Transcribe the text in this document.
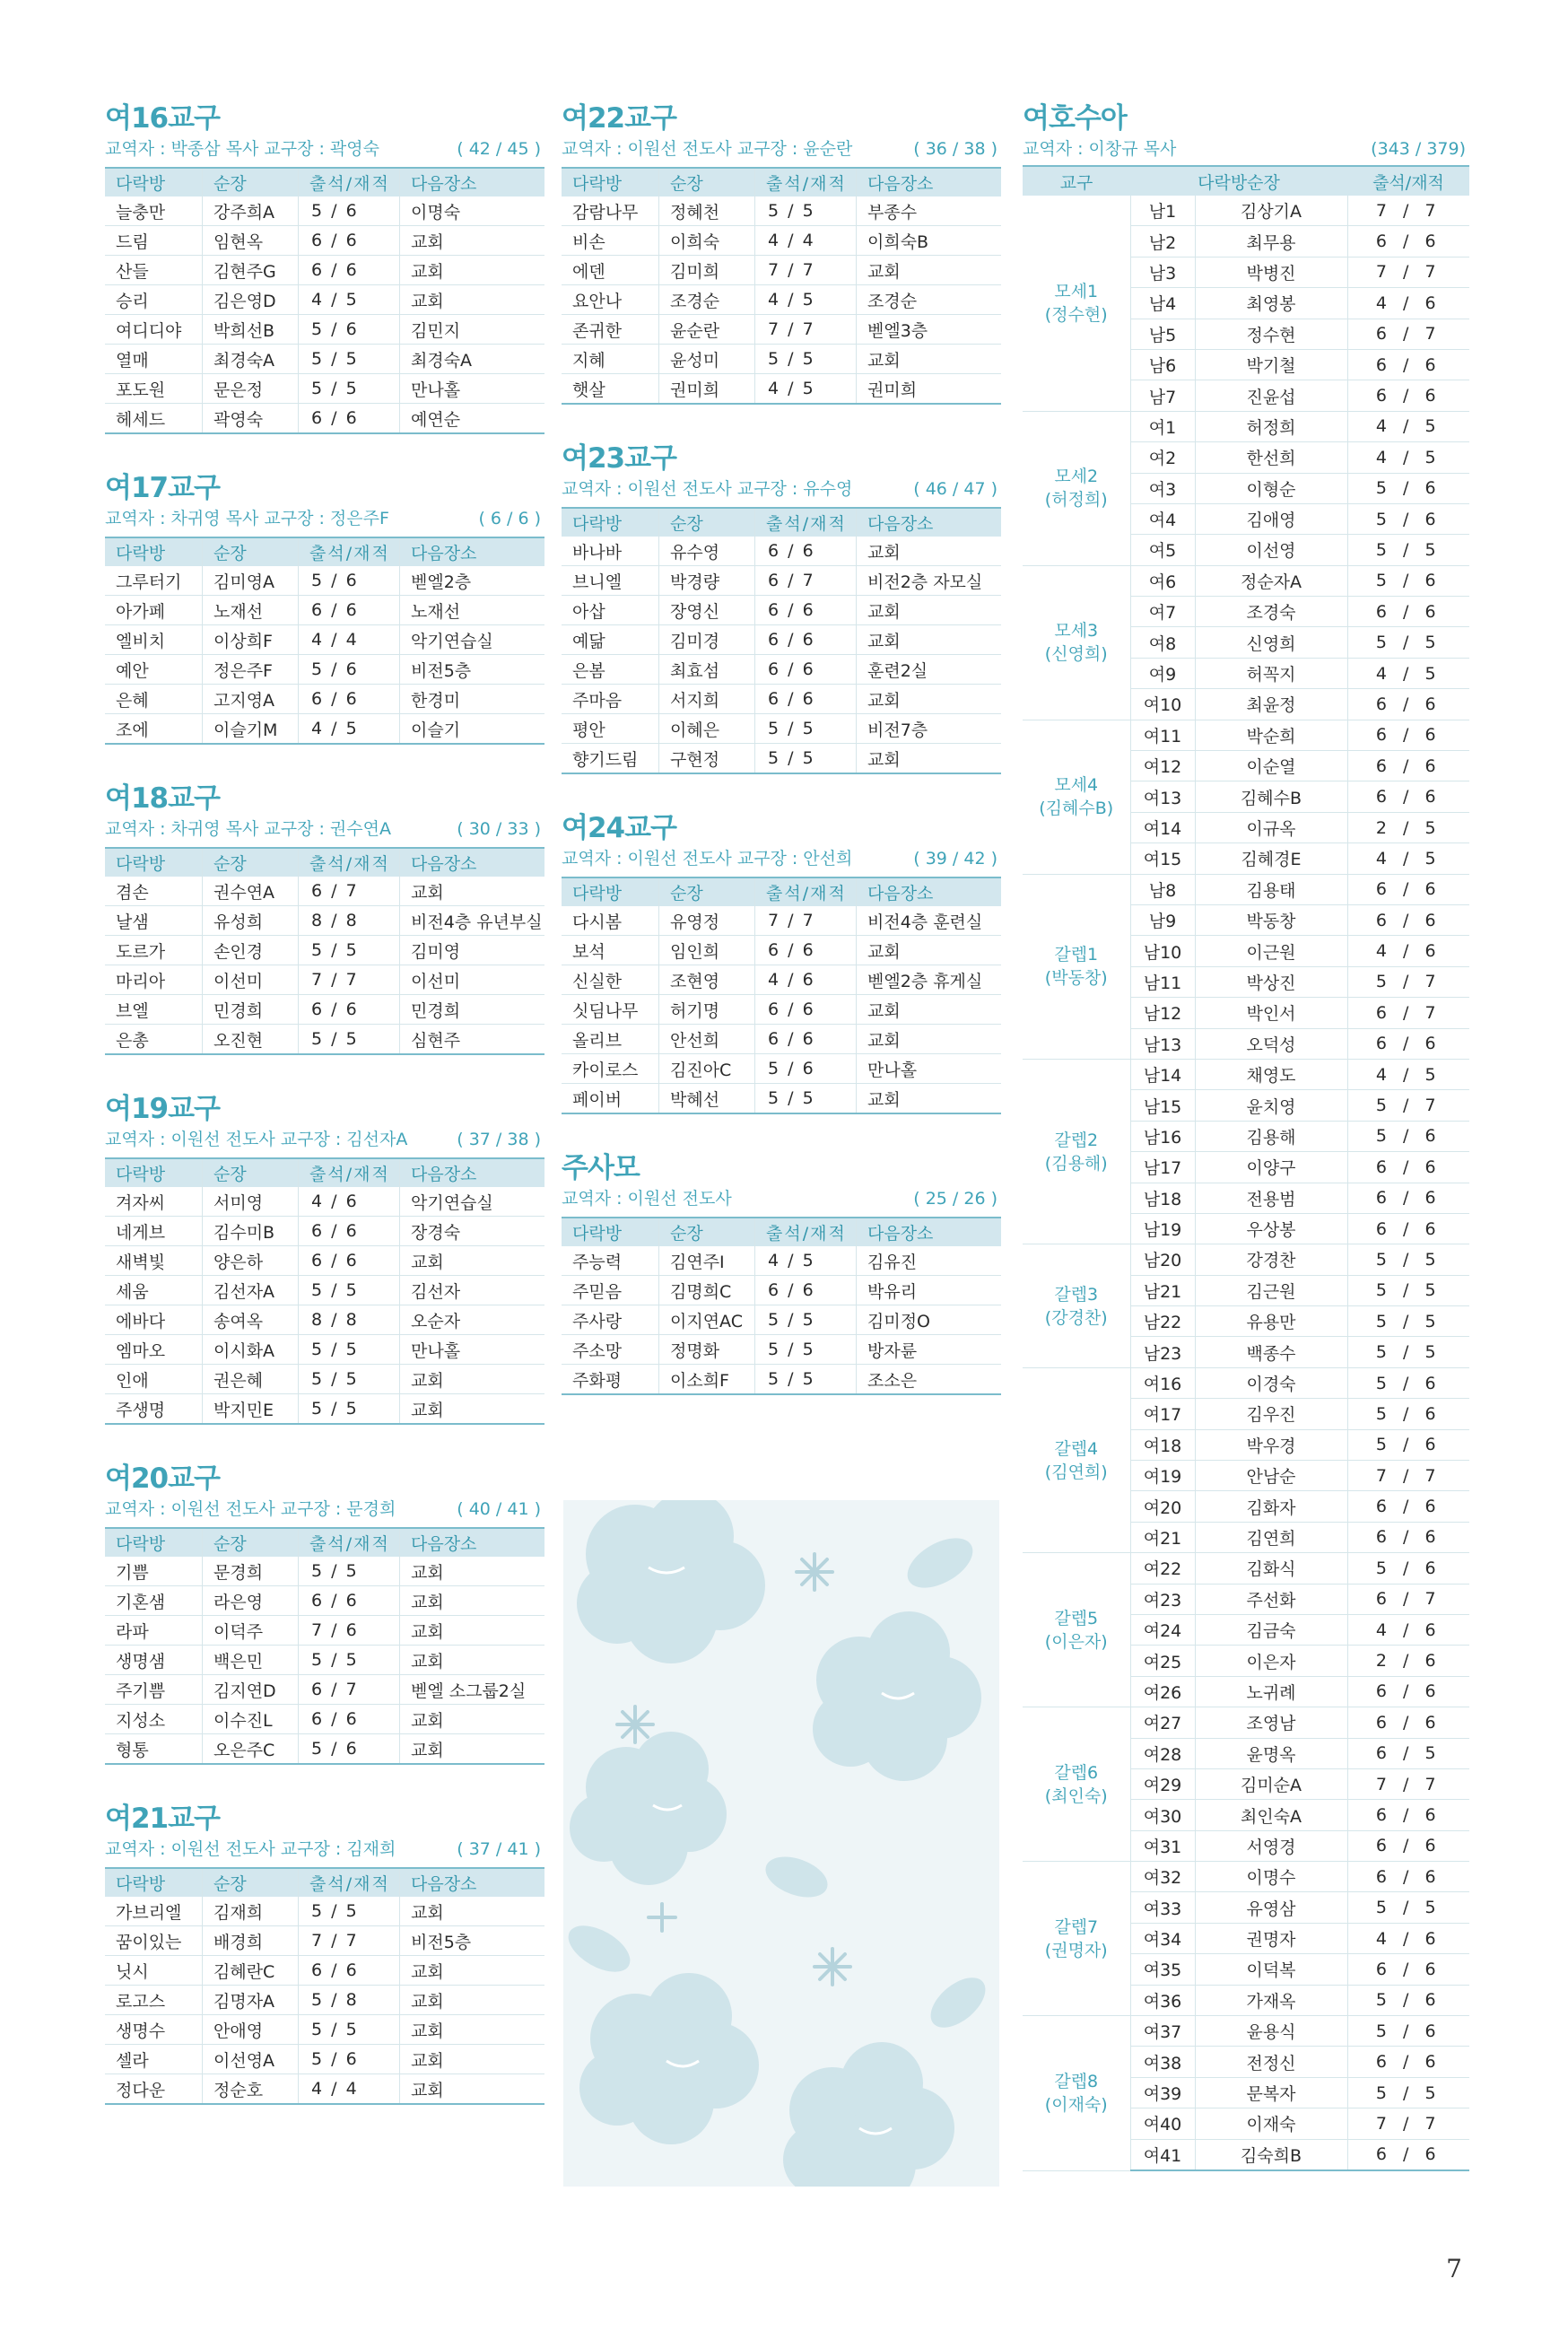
여16교구
교역자 : 박종삼 목사 교구장 : 곽영숙	( 42 / 45 )
다락방	순장	출석/재적	다음장소
늘충만	강주희A	5 / 6	이명숙
드림	임현옥	6 / 6	교회
산들	김현주G	6 / 6	교회
승리	김은영D	4 / 5	교회
여디디야	박희선B	5 / 6	김민지
열매	최경숙A	5 / 5	최경숙A
포도원	문은정	5 / 5	만나홀
헤세드	곽영숙	6 / 6	예연순
여17교구
교역자 : 차귀영 목사 교구장 : 정은주F	( 6 / 6 )
다락방	순장	출석/재적	다음장소
그루터기	김미영A	5 / 6	벧엘2층
아가페	노재선	6 / 6	노재선
엘비치	이상희F	4 / 4	악기연습실
예안	정은주F	5 / 6	비전5층
은혜	고지영A	6 / 6	한경미
조에	이슬기M	4 / 5	이슬기
여18교구
교역자 : 차귀영 목사 교구장 : 권수연A	( 30 / 33 )
다락방	순장	출석/재적	다음장소
겸손	권수연A	6 / 7	교회
날샘	유성희	8 / 8	비전4층 유년부실
도르가	손인경	5 / 5	김미영
마리아	이선미	7 / 7	이선미
브엘	민경희	6 / 6	민경희
은총	오진현	5 / 5	심현주
여19교구
교역자 : 이원선 전도사 교구장 : 김선자A	( 37 / 38 )
다락방	순장	출석/재적	다음장소
겨자씨	서미영	4 / 6	악기연습실
네게브	김수미B	6 / 6	장경숙
새벽빛	양은하	6 / 6	교회
세움	김선자A	5 / 5	김선자
에바다	송여옥	8 / 8	오순자
엠마오	이시화A	5 / 5	만나홀
인애	권은혜	5 / 5	교회
주생명	박지민E	5 / 5	교회
여20교구
교역자 : 이원선 전도사 교구장 : 문경희	( 40 / 41 )
다락방	순장	출석/재적	다음장소
기쁨	문경희	5 / 5	교회
기혼샘	라은영	6 / 6	교회
라파	이덕주	7 / 6	교회
생명샘	백은민	5 / 5	교회
주기쁨	김지연D	6 / 7	벧엘 소그룹2실
지성소	이수진L	6 / 6	교회
형통	오은주C	5 / 6	교회
여21교구
교역자 : 이원선 전도사 교구장 : 김재희	( 37 / 41 )
다락방	순장	출석/재적	다음장소
가브리엘	김재희	5 / 5	교회
꿈이있는	배경희	7 / 7	비전5층
닛시	김혜란C	6 / 6	교회
로고스	김명자A	5 / 8	교회
생명수	안애영	5 / 5	교회
셀라	이선영A	5 / 6	교회
정다운	정순호	4 / 4	교회
여22교구
교역자 : 이원선 전도사 교구장 : 윤순란	( 36 / 38 )
다락방	순장	출석/재적	다음장소
감람나무	정혜천	5 / 5	부종수
비손	이희숙	4 / 4	이희숙B
에덴	김미희	7 / 7	교회
요안나	조경순	4 / 5	조경순
존귀한	윤순란	7 / 7	벧엘3층
지혜	윤성미	5 / 5	교회
햇살	권미희	4 / 5	권미희
여23교구
교역자 : 이원선 전도사 교구장 : 유수영	( 46 / 47 )
다락방	순장	출석/재적	다음장소
바나바	유수영	6 / 6	교회
브니엘	박경량	6 / 7	비전2층 자모실
아삽	장영신	6 / 6	교회
예닮	김미경	6 / 6	교회
은봄	최효섬	6 / 6	훈련2실
주마음	서지희	6 / 6	교회
평안	이혜은	5 / 5	비전7층
향기드림	구현정	5 / 5	교회
여24교구
교역자 : 이원선 전도사 교구장 : 안선희	( 39 / 42 )
다락방	순장	출석/재적	다음장소
다시봄	유영정	7 / 7	비전4층 훈련실
보석	임인희	6 / 6	교회
신실한	조현영	4 / 6	벧엘2층 휴게실
싯딤나무	허기명	6 / 6	교회
올리브	안선희	6 / 6	교회
카이로스	김진아C	5 / 6	만나홀
페이버	박혜선	5 / 5	교회
주사모
교역자 : 이원선 전도사	( 25 / 26 )
다락방	순장	출석/재적	다음장소
주능력	김연주I	4 / 5	김유진
주믿음	김명희C	6 / 6	박유리
주사랑	이지연AC	5 / 5	김미정O
주소망	정명화	5 / 5	방자륜
주화평	이소희F	5 / 5	조소은
여호수아
교역자 : 이창규 목사	(343 / 379)
교구	다락방순장		출석/재적

모세1
(정수현)	남1	김상기A	7 / 7
	남2	최무용	6 / 6
	남3	박병진	7 / 7
	남4	최영봉	4 / 6
	남5	정수현	6 / 7
	남6	박기철	6 / 6
	남7	진윤섭	6 / 6

모세2
(허정희)	여1	허정희	4 / 5
	여2	한선희	4 / 5
	여3	이형순	5 / 6
	여4	김애영	5 / 6
	여5	이선영	5 / 5

모세3
(신영희)	여6	정순자A	5 / 6
	여7	조경숙	6 / 6
	여8	신영희	5 / 5
	여9	허꼭지	4 / 5
	여10	최윤정	6 / 6

모세4
(김혜수B)	여11	박순희	6 / 6
	여12	이순열	6 / 6
	여13	김혜수B	6 / 6
	여14	이규옥	2 / 5
	여15	김혜경E	4 / 5

갈렙1
(박동창)	남8	김용태	6 / 6
	남9	박동창	6 / 6
	남10	이근원	4 / 6
	남11	박상진	5 / 7
	남12	박인서	6 / 7
	남13	오덕성	6 / 6

갈렙2
(김용해)	남14	채영도	4 / 5
	남15	윤치영	5 / 7
	남16	김용해	5 / 6
	남17	이양구	6 / 6
	남18	전용범	6 / 6
	남19	우상봉	6 / 6

갈렙3
(강경찬)	남20	강경찬	5 / 5
	남21	김근원	5 / 5
	남22	유용만	5 / 5
	남23	백종수	5 / 5

갈렙4
(김연희)	여16	이경숙	5 / 6
	여17	김우진	5 / 6
	여18	박우경	5 / 6
	여19	안남순	7 / 7
	여20	김화자	6 / 6
	여21	김연희	6 / 6

갈렙5
(이은자)	여22	김화식	5 / 6
	여23	주선화	6 / 7
	여24	김금숙	4 / 6
	여25	이은자	2 / 6
	여26	노귀례	6 / 6

갈렙6
(최인숙)	여27	조영남	6 / 6
	여28	윤명옥	6 / 5
	여29	김미순A	7 / 7
	여30	최인숙A	6 / 6
	여31	서영경	6 / 6

갈렙7
(권명자)	여32	이명수	6 / 6
	여33	유영삼	5 / 5
	여34	권명자	4 / 6
	여35	이덕복	6 / 6
	여36	가재옥	5 / 6

갈렙8
(이재숙)	여37	윤용식	5 / 6
	여38	전정신	6 / 6
	여39	문복자	5 / 5
	여40	이재숙	7 / 7
	여41	김숙희B	6 / 6
7
